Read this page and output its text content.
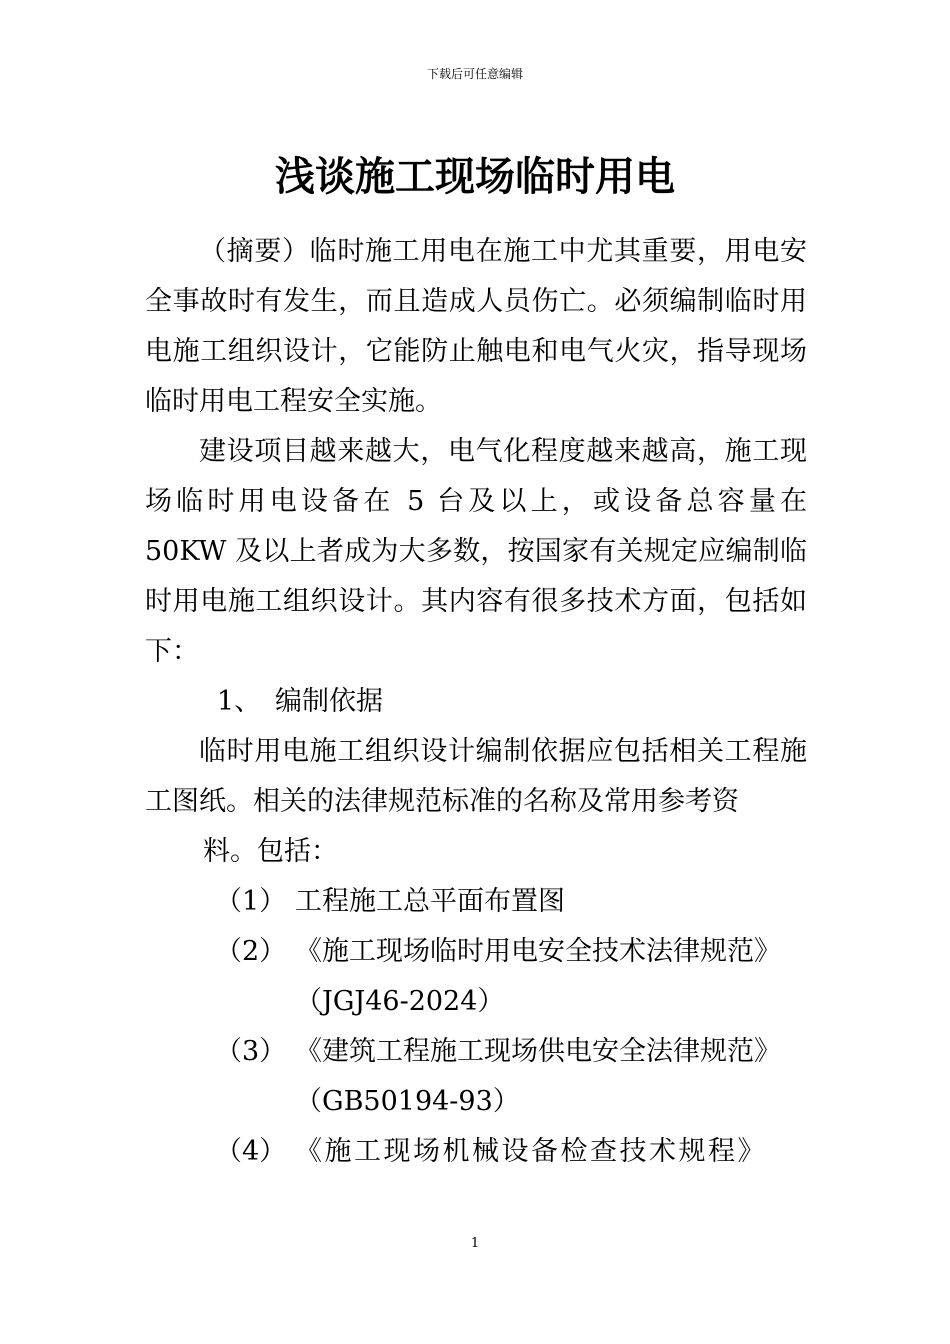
下载后可任意编辑
浅谈施工现场临时用电

（摘要）临时施工用电在施工中尤其重要，用电安全事故时有发生，而且造成人员伤亡。必须编制临时用电施工组织设计，它能防止触电和电气火灾，指导现场临时用电工程安全实施。

建设项目越来越大，电气化程度越来越高，施工现场临时用电设备在 5 台及以上，或设备总容量在 50KW 及以上者成为大多数，按国家有关规定应编制临时用电施工组织设计。其内容有很多技术方面，包括如下：

1、 编制依据

临时用电施工组织设计编制依据应包括相关工程施工图纸。相关的法律规范标准的名称及常用参考资

料。包括：

（1） 工程施工总平面布置图
（2） 《施工现场临时用电安全技术法律规范》
（JGJ46-2024）
（3） 《建筑工程施工现场供电安全法律规范》
（GB50194-93）
（4） 《施工现场机械设备检查技术规程》
1
